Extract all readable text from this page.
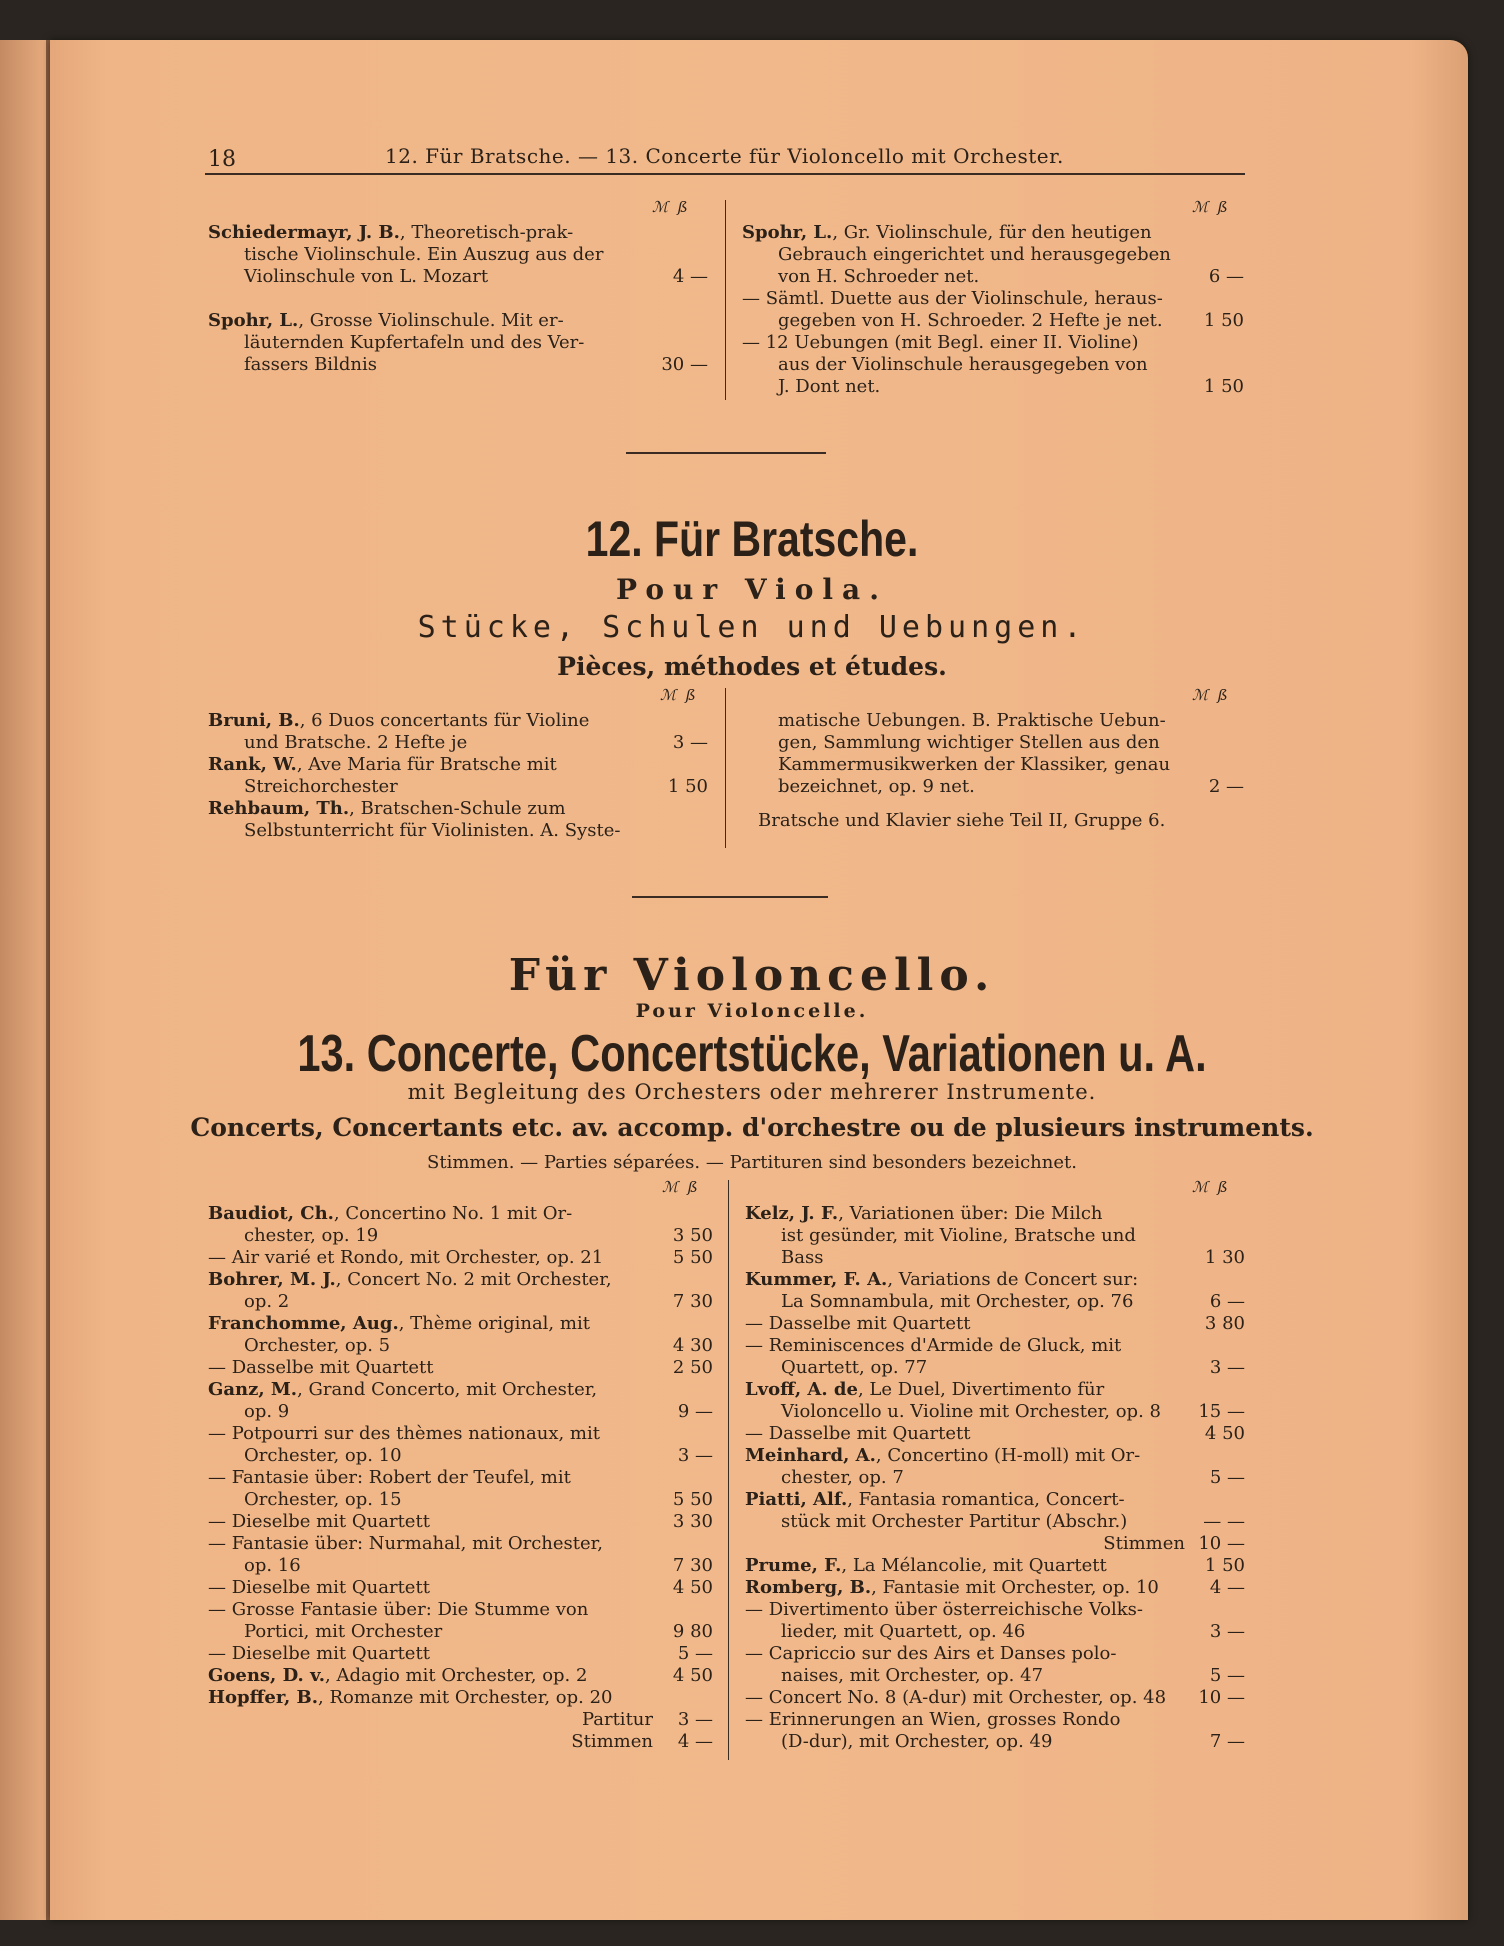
18	12. Für Bratsche. — 13. Concerte für Violoncello mit Orchester.
ℳ ß	ℳ ß
Schiedermayr, J. B., Theoretisch-prak-
tische Violinschule. Ein Auszug aus der
Violinschule von L. Mozart	4 —
Spohr, L., Grosse Violinschule. Mit er-
läuternden Kupfertafeln und des Ver-
fassers Bildnis	30 —
Spohr, L., Gr. Violinschule, für den heutigen
Gebrauch eingerichtet und herausgegeben
von H. Schroeder net.	6 —
— Sämtl. Duette aus der Violinschule, heraus-
gegeben von H. Schroeder. 2 Hefte je net. 1 50
— 12 Uebungen (mit Begl. einer II. Violine)
aus der Violinschule herausgegeben von
J. Dont net.	1 50
12. Für Bratsche.
Pour Viola.
Stücke, Schulen und Uebungen.
Pièces, méthodes et études.
ℳ ß	ℳ ß
Bruni, B., 6 Duos concertants für Violine
und Bratsche. 2 Hefte je	3 —
Rank, W., Ave Maria für Bratsche mit
Streichorchester	1 50
Rehbaum, Th., Bratschen-Schule zum
Selbstunterricht für Violinisten. A. Syste-
matische Uebungen. B. Praktische Uebun-
gen, Sammlung wichtiger Stellen aus den
Kammermusikwerken der Klassiker, genau
bezeichnet, op. 9 net.	2 —
Bratsche und Klavier siehe Teil II, Gruppe 6.
Für Violoncello.
Pour Violoncelle.
13. Concerte, Concertstücke, Variationen u. A.
mit Begleitung des Orchesters oder mehrerer Instrumente.
Concerts, Concertants etc. av. accomp. d'orchestre ou de plusieurs instruments.
Stimmen. — Parties séparées. — Partituren sind besonders bezeichnet.
ℳ ß	ℳ ß
Baudiot, Ch., Concertino No. 1 mit Or-
chester, op. 19	3 50
— Air varié et Rondo, mit Orchester, op. 21	5 50
Bohrer, M. J., Concert No. 2 mit Orchester,
op. 2	7 30
Franchomme, Aug., Thème original, mit
Orchester, op. 5	4 30
— Dasselbe mit Quartett	2 50
Ganz, M., Grand Concerto, mit Orchester,
op. 9	9 —
— Potpourri sur des thèmes nationaux, mit
Orchester, op. 10	3 —
— Fantasie über: Robert der Teufel, mit
Orchester, op. 15	5 50
— Dieselbe mit Quartett	3 30
— Fantasie über: Nurmahal, mit Orchester,
op. 16	7 30
— Dieselbe mit Quartett	4 50
— Grosse Fantasie über: Die Stumme von
Portici, mit Orchester	9 80
— Dieselbe mit Quartett	5 —
Goens, D. v., Adagio mit Orchester, op. 2	4 50
Hopffer, B., Romanze mit Orchester, op. 20
Partitur 3 —
Stimmen 4 —
Kelz, J. F., Variationen über: Die Milch
ist gesünder, mit Violine, Bratsche und
Bass	1 30
Kummer, F. A., Variations de Concert sur:
La Somnambula, mit Orchester, op. 76	6 —
— Dasselbe mit Quartett	3 80
— Reminiscences d'Armide de Gluck, mit
Quartett, op. 77	3 —
Lvoff, A. de, Le Duel, Divertimento für
Violoncello u. Violine mit Orchester, op. 8 15 —
— Dasselbe mit Quartett	4 50
Meinhard, A., Concertino (H-moll) mit Or-
chester, op. 7	5 —
Piatti, Alf., Fantasia romantica, Concert-
stück mit Orchester Partitur (Abschr.)	— —
Stimmen 10 —
Prume, F., La Mélancolie, mit Quartett	1 50
Romberg, B., Fantasie mit Orchester, op. 10	4 —
— Divertimento über österreichische Volks-
lieder, mit Quartett, op. 46	3 —
— Capriccio sur des Airs et Danses polo-
naises, mit Orchester, op. 47	5 —
— Concert No. 8 (A-dur) mit Orchester, op. 48 10 —
— Erinnerungen an Wien, grosses Rondo
(D-dur), mit Orchester, op. 49	7 —
